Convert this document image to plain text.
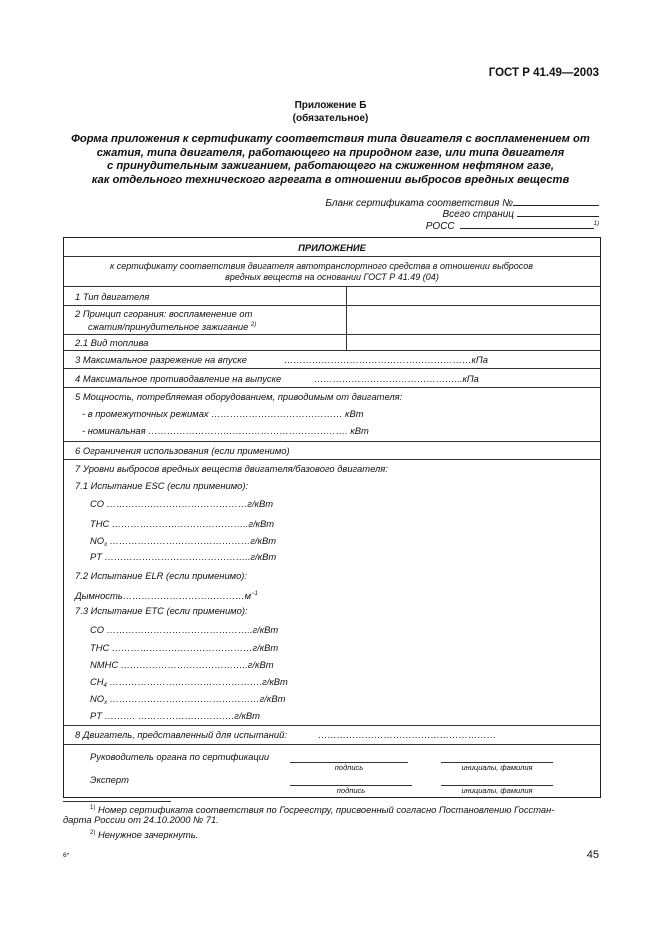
ГОСТ Р 41.49—2003
Приложение Б
(обязательное)
Форма приложения к сертификату соответствия типа двигателя с воспламенением от
сжатия, типа двигателя, работающего на природном газе, или типа двигателя
с принудительным зажиганием, работающего на сжиженном нефтяном газе,
как отдельного технического агрегата в отношении выбросов вредных веществ
Бланк сертификата соответствия №
Всего страниц
РОСС	$^{1)}$
ПРИЛОЖЕНИЕ
к сертификату соответствия двигателя автотранспортного средства в отношении выбросов
вредных веществ на основании ГОСТ Р 41.49 (04)
1 Тип двигателя
2 Принцип сгорания: воспламенение от
сжатия/принудительное зажигание $^{2)}$
2.1 Вид топлива
3 Максимальное разрежение на впуске	……………………………………………………кПа
4 Максимальное противодавление на выпуске	………………………………………...кПа
5 Мощность, потребляемая оборудованием, приводимым от двигателя:
- в промежуточных режимах …………………………………… кВт
- номинальная ………………………………………………………. кВт
6 Ограничения использования (если применимо)
7 Уровни выбросов вредных веществ двигателя/базового двигателя:
7.1 Испытание ESC (если применимо):
CO ………………………………………г/кВт
THC ……………………………………..г/кВт
$NO_x$ ………………………………………г/кВт
PT ………………………………………..г/кВт
7.2 Испытание ELR (если применимо):
$Дымность\dots\dots\dots\dots\dots\dots\dots\dots\dots\dots\dots\dots\dots м^{-1}$
7.3 Испытание ETC (если применимо):
CO ………………………………………..г/кВт
THC ………………………………………г/кВт
NMHC …………………………………..г/кВт
$CH_4$ ………………………………………….г/кВт
$NO_x$ …………………………………………г/кВт
PT ………. ………………………….г/кВт
8 Двигатель, представленный для испытаний:	…………………………………………………
Руководитель органа по сертификации
подпись	инициалы, фамилия
Эксперт
подпись	инициалы, фамилия
$^{1)}$ Номер сертификата соответствия по Госреестру, присвоенный согласно Постановлению Госстан-
дарта России от 24.10.2000 № 71.
$^{2)}$ Ненужное зачеркнуть.
6*	45
